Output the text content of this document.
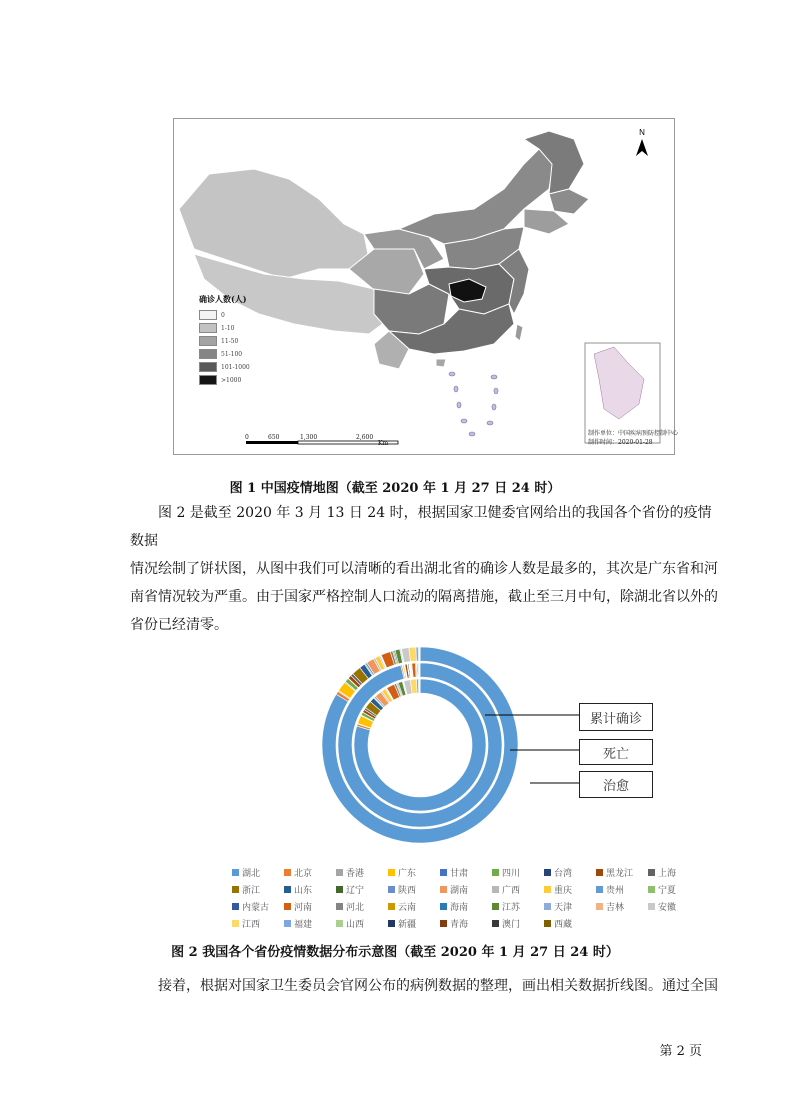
N
确诊人数(人)
0
1-10
11-50
51-100
101-1000
>1000
0	650	1,300	2,600
Km
制作单位：中国疾病预防控制中心
制作时间：2020-01-28
图 1 中国疫情地图（截至 2020 年 1 月 27 日 24 时）

图 2 是截至 2020 年 3 月 13 日 24 时，根据国家卫健委官网给出的我国各个省份的疫情数据

情况绘制了饼状图，从图中我们可以清晰的看出湖北省的确诊人数是最多的，其次是广东省和河

南省情况较为严重。由于国家严格控制人口流动的隔离措施，截止至三月中旬，除湖北省以外的

省份已经清零。

累计确诊
死亡
治愈
湖北	北京	香港	广东	甘肃	四川	台湾	黑龙江	上海
浙江	山东	辽宁	陕西	湖南	广西	重庆	贵州	宁夏
内蒙古	河南	河北	云南	海南	江苏	天津	吉林	安徽
江西	福建	山西	新疆	青海	澳门	西藏
图 2 我国各个省份疫情数据分布示意图（截至 2020 年 1 月 27 日 24 时）

接着，根据对国家卫生委员会官网公布的病例数据的整理，画出相关数据折线图。通过全国

第 2 页
